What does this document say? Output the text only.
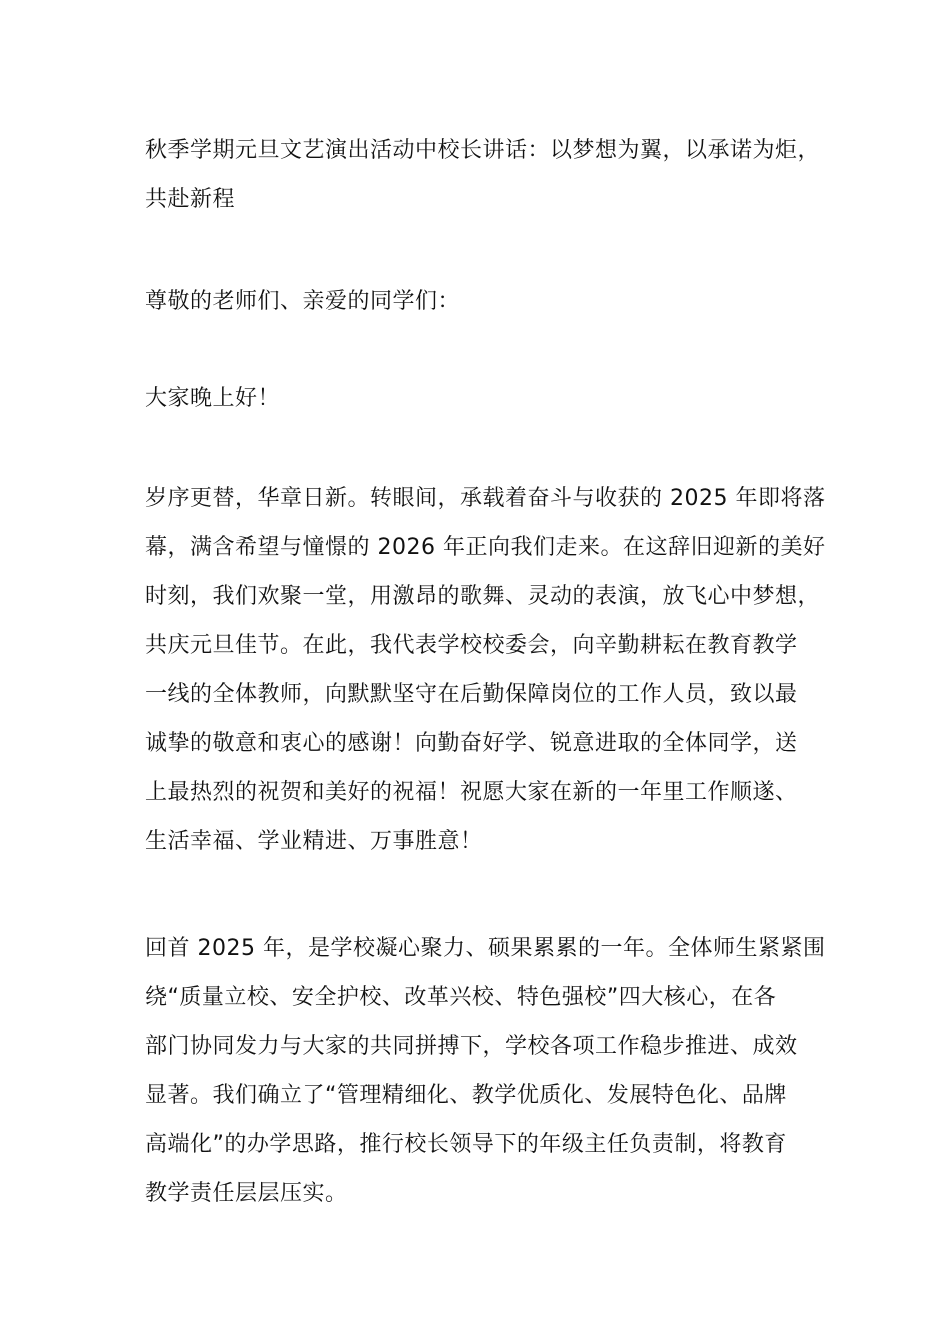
秋季学期元旦文艺演出活动中校长讲话：以梦想为翼，以承诺为炬，
共赴新程
尊敬的老师们、亲爱的同学们：
大家晚上好！
岁序更替，华章日新。转眼间，承载着奋斗与收获的 2025 年即将落
幕，满含希望与憧憬的 2026 年正向我们走来。在这辞旧迎新的美好
时刻，我们欢聚一堂，用激昂的歌舞、灵动的表演，放飞心中梦想，
共庆元旦佳节。在此，我代表学校校委会，向辛勤耕耘在教育教学
一线的全体教师，向默默坚守在后勤保障岗位的工作人员，致以最
诚挚的敬意和衷心的感谢！向勤奋好学、锐意进取的全体同学，送
上最热烈的祝贺和美好的祝福！祝愿大家在新的一年里工作顺遂、
生活幸福、学业精进、万事胜意！
回首 2025 年，是学校凝心聚力、硕果累累的一年。全体师生紧紧围
绕“质量立校、安全护校、改革兴校、特色强校”四大核心，在各
部门协同发力与大家的共同拼搏下，学校各项工作稳步推进、成效
显著。我们确立了“管理精细化、教学优质化、发展特色化、品牌
高端化”的办学思路，推行校长领导下的年级主任负责制，将教育
教学责任层层压实。
